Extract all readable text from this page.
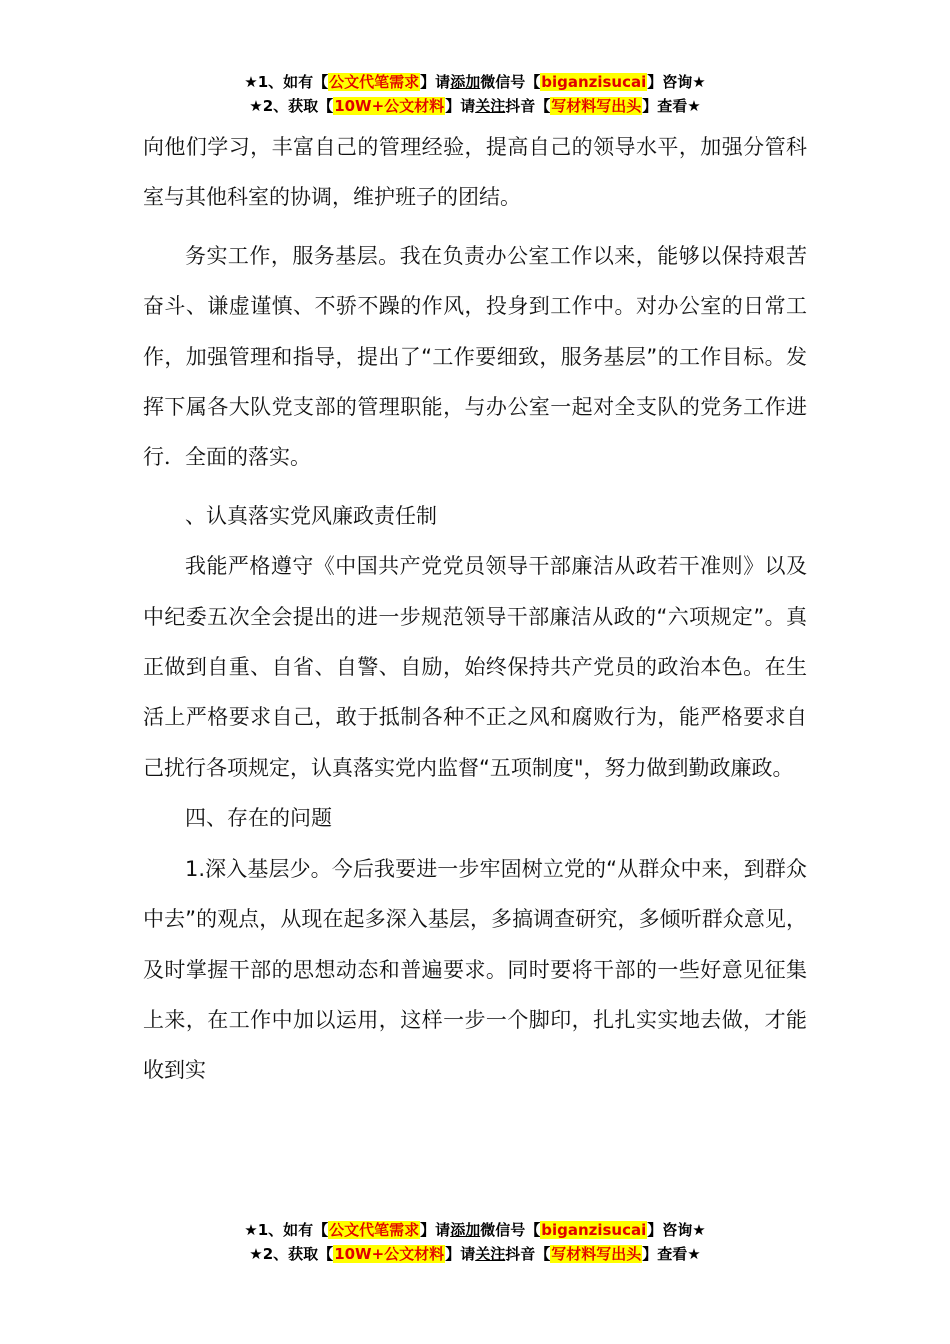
★1、如有【公文代笔需求】请添加微信号【biganzisucai】咨询★
★2、获取【10W+公文材料】请关注抖音【写材料写出头】查看★

向他们学习，丰富自己的管理经验，提高自己的领导水平，加强分管科室与其他科室的协调，维护班子的团结。

务实工作，服务基层。我在负责办公室工作以来，能够以保持艰苦奋斗、谦虚谨慎、不骄不躁的作风，投身到工作中。对办公室的日常工作，加强管理和指导，提出了“工作要细致，服务基层”的工作目标。发挥下属各大队党支部的管理职能，与办公室一起对全支队的党务工作进行．全面的落实。

、认真落实党风廉政责任制

我能严格遵守《中国共产党党员领导干部廉洁从政若干准则》以及中纪委五次全会提出的进一步规范领导干部廉洁从政的“六项规定”。真正做到自重、自省、自警、自励，始终保持共产党员的政治本色。在生活上严格要求自己，敢于抵制各种不正之风和腐败行为，能严格要求自己扰行各项规定，认真落实党内监督“五项制度"，努力做到勤政廉政。

四、存在的问题

1.深入基层少。今后我要进一步牢固树立党的“从群众中来，到群众中去”的观点，从现在起多深入基层，多搞调查研究，多倾听群众意见，及时掌握干部的思想动态和普遍要求。同时要将干部的一些好意见征集上来，在工作中加以运用，这样一步一个脚印，扎扎实实地去做，才能收到实

★1、如有【公文代笔需求】请添加微信号【biganzisucai】咨询★
★2、获取【10W+公文材料】请关注抖音【写材料写出头】查看★
